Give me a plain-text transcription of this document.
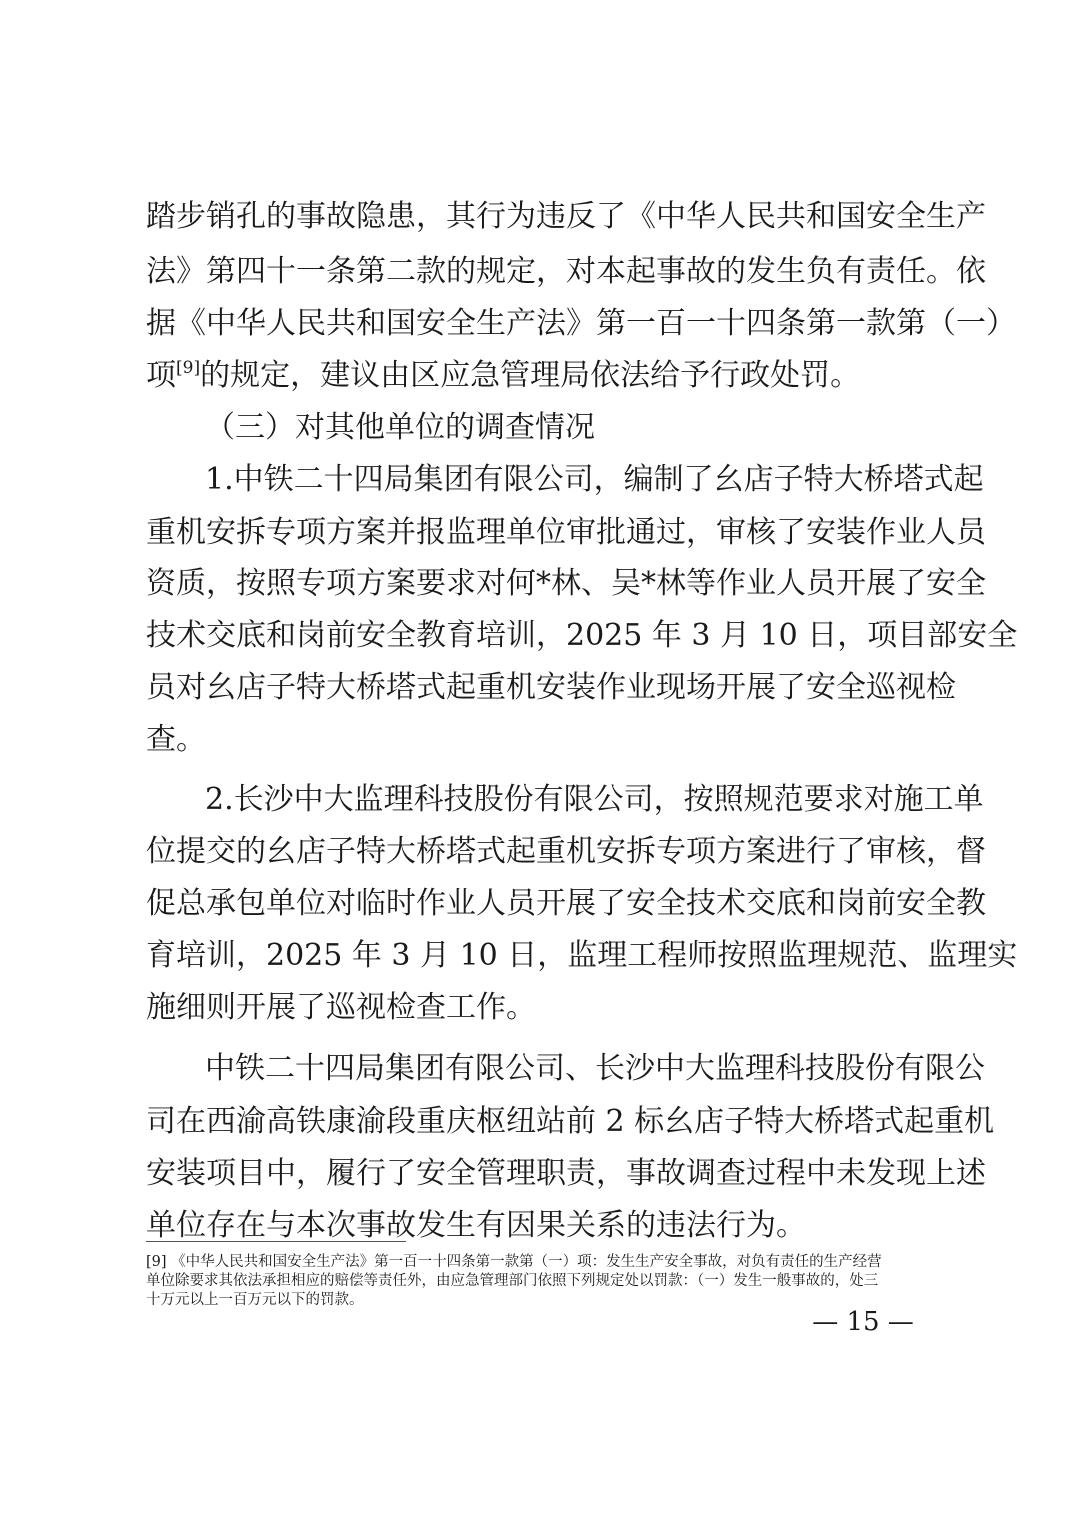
踏步销孔的事故隐患，其行为违反了《中华人民共和国安全生产
法》第四十一条第二款的规定，对本起事故的发生负有责任。依
据《中华人民共和国安全生产法》第一百一十四条第一款第（一）
项[9]的规定，建议由区应急管理局依法给予行政处罚。
（三）对其他单位的调查情况
1.中铁二十四局集团有限公司，编制了幺店子特大桥塔式起
重机安拆专项方案并报监理单位审批通过，审核了安装作业人员
资质，按照专项方案要求对何*林、吴*林等作业人员开展了安全
技术交底和岗前安全教育培训，2025 年 3 月 10 日，项目部安全
员对幺店子特大桥塔式起重机安装作业现场开展了安全巡视检
查。
2.长沙中大监理科技股份有限公司，按照规范要求对施工单
位提交的幺店子特大桥塔式起重机安拆专项方案进行了审核，督
促总承包单位对临时作业人员开展了安全技术交底和岗前安全教
育培训，2025 年 3 月 10 日，监理工程师按照监理规范、监理实
施细则开展了巡视检查工作。
中铁二十四局集团有限公司、长沙中大监理科技股份有限公
司在西渝高铁康渝段重庆枢纽站前 2 标幺店子特大桥塔式起重机
安装项目中，履行了安全管理职责，事故调查过程中未发现上述
单位存在与本次事故发生有因果关系的违法行为。
[9] 《中华人民共和国安全生产法》第一百一十四条第一款第（一）项：发生生产安全事故，对负有责任的生产经营
单位除要求其依法承担相应的赔偿等责任外，由应急管理部门依照下列规定处以罚款：（一）发生一般事故的，处三
十万元以上一百万元以下的罚款。
— 15 —
